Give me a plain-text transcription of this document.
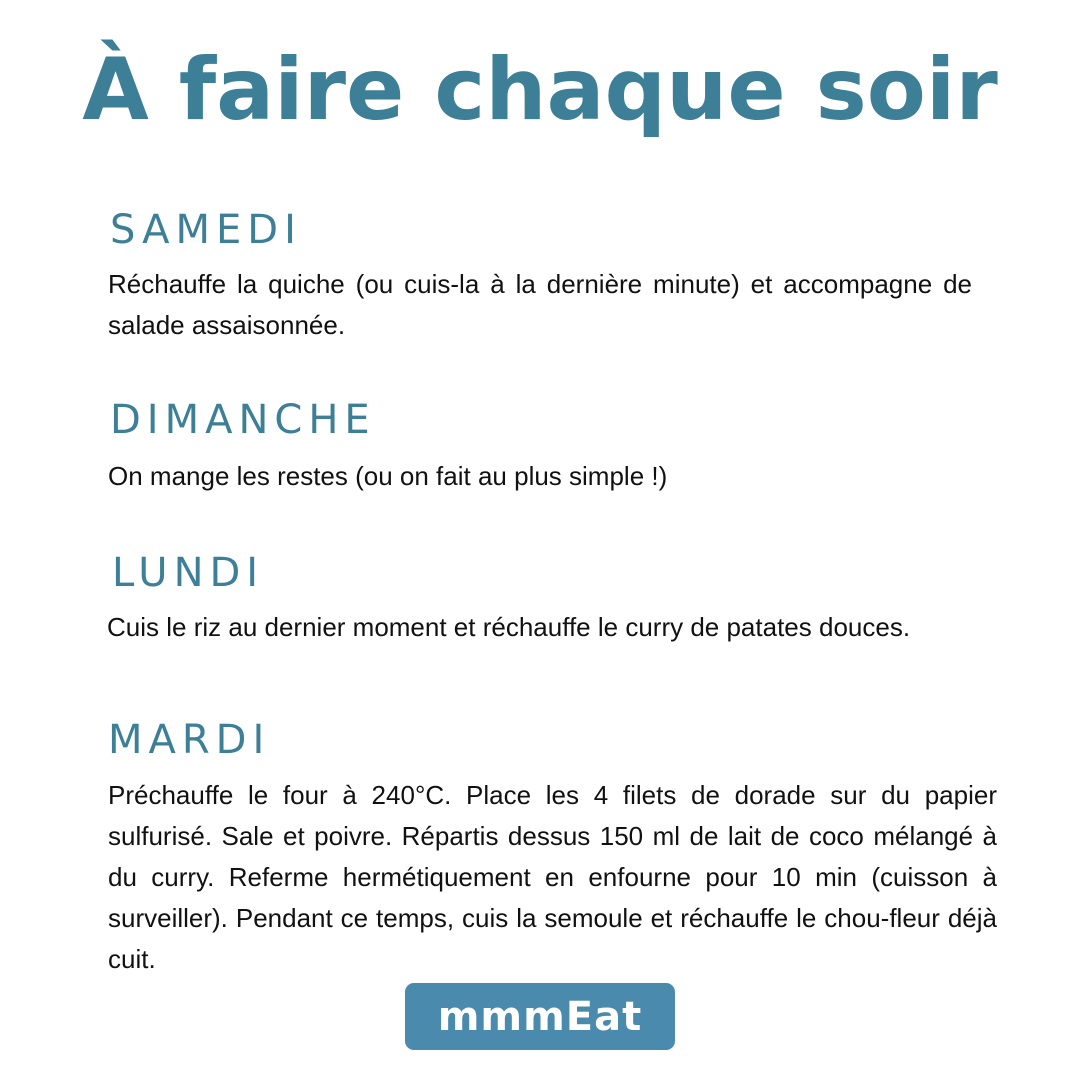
À faire chaque soir
SAMEDI

Réchauffe la quiche (ou cuis-la à la dernière minute) et accompagne de salade assaisonnée.

DIMANCHE

On mange les restes (ou on fait au plus simple !)

LUNDI

Cuis le riz au dernier moment et réchauffe le curry de patates douces.

MARDI

Préchauffe le four à 240°C. Place les 4 filets de dorade sur du papier sulfurisé. Sale et poivre. Répartis dessus 150 ml de lait de coco mélangé à du curry. Referme hermétiquement en enfourne pour 10 min (cuisson à surveiller). Pendant ce temps, cuis la semoule et réchauffe le chou-fleur déjà cuit.

mmmEat
